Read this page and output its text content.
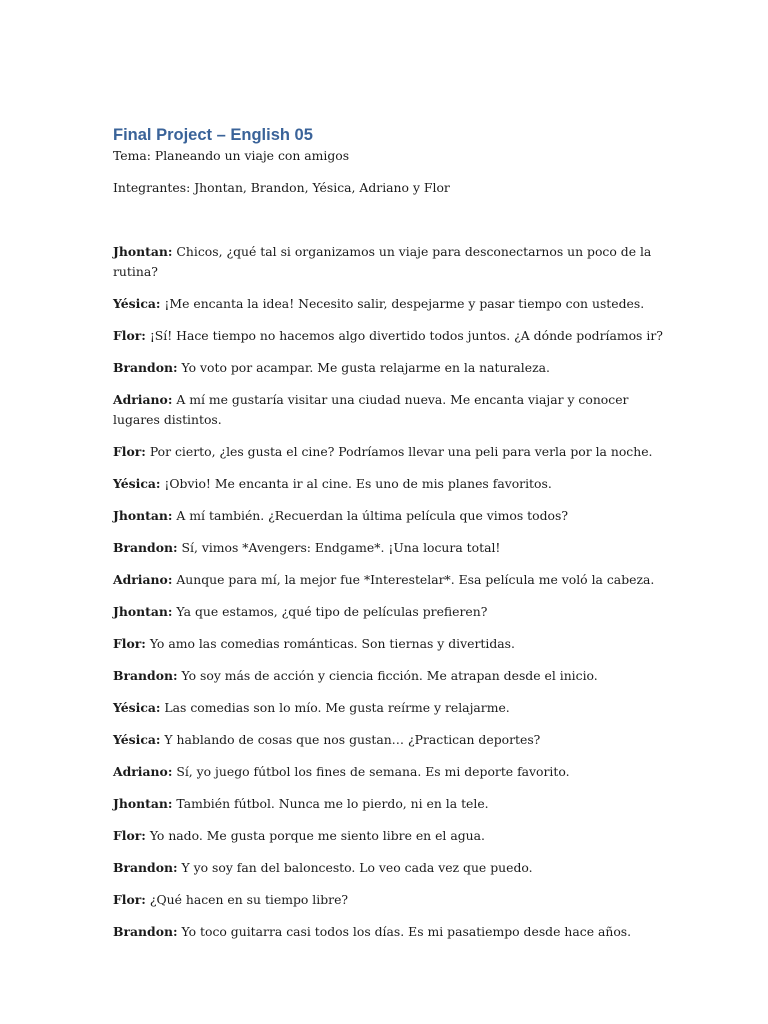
Final Project – English 05

Tema: Planeando un viaje con amigos

Integrantes: Jhontan, Brandon, Yésica, Adriano y Flor

Jhontan: Chicos, ¿qué tal si organizamos un viaje para desconectarnos un poco de la rutina?

Yésica: ¡Me encanta la idea! Necesito salir, despejarme y pasar tiempo con ustedes.

Flor: ¡Sí! Hace tiempo no hacemos algo divertido todos juntos. ¿A dónde podríamos ir?

Brandon: Yo voto por acampar. Me gusta relajarme en la naturaleza.

Adriano: A mí me gustaría visitar una ciudad nueva. Me encanta viajar y conocer lugares distintos.

Flor: Por cierto, ¿les gusta el cine? Podríamos llevar una peli para verla por la noche.

Yésica: ¡Obvio! Me encanta ir al cine. Es uno de mis planes favoritos.

Jhontan: A mí también. ¿Recuerdan la última película que vimos todos?

Brandon: Sí, vimos *Avengers: Endgame*. ¡Una locura total!

Adriano: Aunque para mí, la mejor fue *Interestelar*. Esa película me voló la cabeza.

Jhontan: Ya que estamos, ¿qué tipo de películas prefieren?

Flor: Yo amo las comedias románticas. Son tiernas y divertidas.

Brandon: Yo soy más de acción y ciencia ficción. Me atrapan desde el inicio.

Yésica: Las comedias son lo mío. Me gusta reírme y relajarme.

Yésica: Y hablando de cosas que nos gustan… ¿Practican deportes?

Adriano: Sí, yo juego fútbol los fines de semana. Es mi deporte favorito.

Jhontan: También fútbol. Nunca me lo pierdo, ni en la tele.

Flor: Yo nado. Me gusta porque me siento libre en el agua.

Brandon: Y yo soy fan del baloncesto. Lo veo cada vez que puedo.

Flor: ¿Qué hacen en su tiempo libre?

Brandon: Yo toco guitarra casi todos los días. Es mi pasatiempo desde hace años.
